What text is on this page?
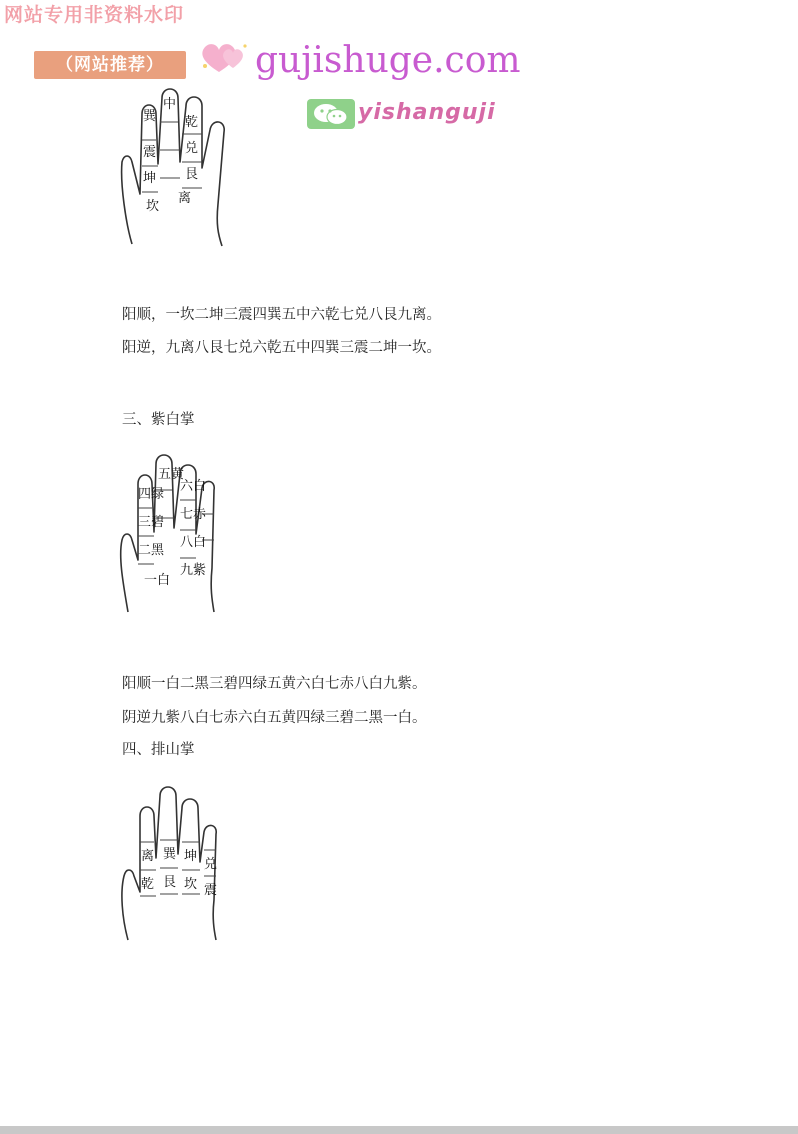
网站专用非资料水印
（网站推荐）	gujishuge.com
yishanguji
巽
中
乾
震 兑
坤 艮
坎
离
阳顺，一坎二坤三震四巽五中六乾七兑八艮九离。
阳逆，九离八艮七兑六乾五中四巽三震二坤一坎。
三、紫白掌
五黄
六白
四绿
七赤
三碧
八白
二黑
九紫
一白
阳顺一白二黑三碧四绿五黄六白七赤八白九紫。
阴逆九紫八白七赤六白五黄四绿三碧二黑一白。
四、排山掌
离 巽 坤
兑
乾 艮 坎 震
